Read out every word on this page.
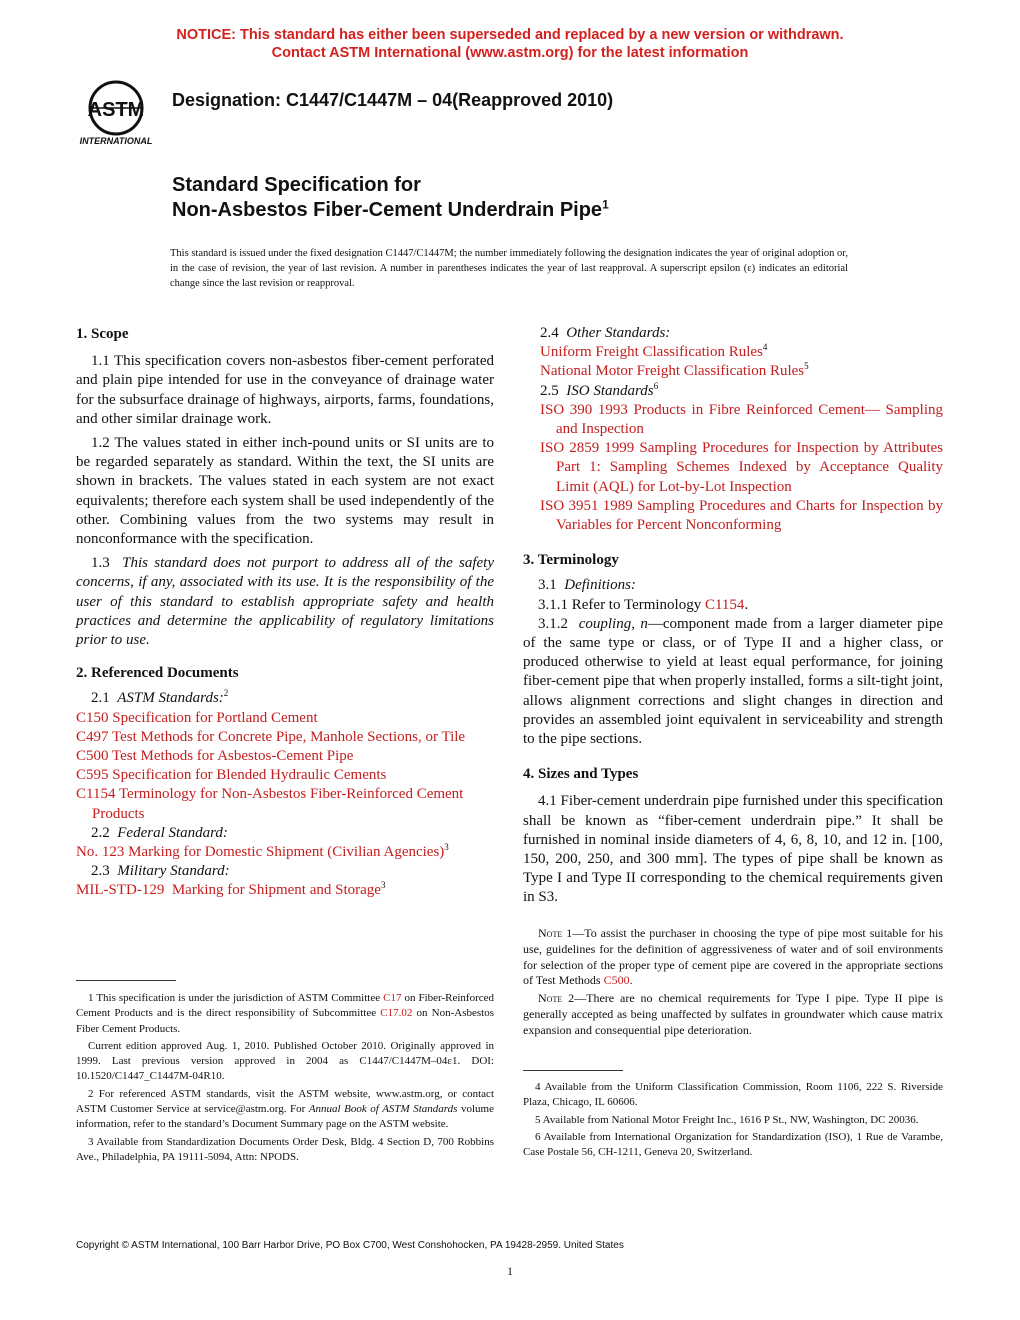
NOTICE: This standard has either been superseded and replaced by a new version or withdrawn.
Contact ASTM International (www.astm.org) for the latest information
ASTM
INTERNATIONAL
Designation: C1447/C1447M – 04(Reapproved 2010)
Standard Specification for
Non-Asbestos Fiber-Cement Underdrain Pipe$^1$
This standard is issued under the fixed designation C1447/C1447M; the number immediately following the designation indicates the year of original adoption or, in the case of revision, the year of last revision. A number in parentheses indicates the year of last reapproval. A superscript epsilon (ε) indicates an editorial change since the last revision or reapproval.
1. Scope

1.1 This specification covers non-asbestos fiber-cement perforated and plain pipe intended for use in the conveyance of drainage water for the subsurface drainage of highways, airports, farms, foundations, and other similar drainage work.

1.2 The values stated in either inch-pound units or SI units are to be regarded separately as standard. Within the text, the SI units are shown in brackets. The values stated in each system are not exact equivalents; therefore each system shall be used independently of the other. Combining values from the two systems may result in nonconformance with the specification.

1.3 This standard does not purport to address all of the safety concerns, if any, associated with its use. It is the responsibility of the user of this standard to establish appropriate safety and health practices and determine the applicability of regulatory limitations prior to use.

2. Referenced Documents

2.1 ASTM Standards:$^2$

C150 Specification for Portland Cement

C497 Test Methods for Concrete Pipe, Manhole Sections, or Tile

C500 Test Methods for Asbestos-Cement Pipe

C595 Specification for Blended Hydraulic Cements

C1154 Terminology for Non-Asbestos Fiber-Reinforced Cement Products

2.2 Federal Standard:

No. 123 Marking for Domestic Shipment (Civilian Agencies)$^3$

2.3 Military Standard:

MIL-STD-129 Marking for Shipment and Storage$^3$

1 This specification is under the jurisdiction of ASTM Committee C17 on Fiber-Reinforced Cement Products and is the direct responsibility of Subcommittee C17.02 on Non-Asbestos Fiber Cement Products.

Current edition approved Aug. 1, 2010. Published October 2010. Originally approved in 1999. Last previous version approved in 2004 as C1447/C1447M–04ε1. DOI: 10.1520/C1447_C1447M-04R10.

2 For referenced ASTM standards, visit the ASTM website, www.astm.org, or contact ASTM Customer Service at service@astm.org. For Annual Book of ASTM Standards volume information, refer to the standard’s Document Summary page on the ASTM website.

3 Available from Standardization Documents Order Desk, Bldg. 4 Section D, 700 Robbins Ave., Philadelphia, PA 19111-5094, Attn: NPODS.

2.4 Other Standards:

Uniform Freight Classification Rules$^4$

National Motor Freight Classification Rules$^5$

2.5 ISO Standards$^6$

ISO 390 1993 Products in Fibre Reinforced Cement— Sampling and Inspection

ISO 2859 1999 Sampling Procedures for Inspection by Attributes Part 1: Sampling Schemes Indexed by Acceptance Quality Limit (AQL) for Lot-by-Lot Inspection

ISO 3951 1989 Sampling Procedures and Charts for Inspection by Variables for Percent Nonconforming

3. Terminology

3.1 Definitions:

3.1.1 Refer to Terminology C1154.

3.1.2 coupling, n—component made from a larger diameter pipe of the same type or class, or of Type II and a higher class, or produced otherwise to yield at least equal performance, for joining fiber-cement pipe that when properly installed, forms a silt-tight joint, allows alignment corrections and slight changes in direction and provides an assembled joint equivalent in serviceability and strength to the pipe sections.

4. Sizes and Types

4.1 Fiber-cement underdrain pipe furnished under this specification shall be known as “fiber-cement underdrain pipe.” It shall be furnished in nominal inside diameters of 4, 6, 8, 10, and 12 in. [100, 150, 200, 250, and 300 mm]. The types of pipe shall be known as Type I and Type II corresponding to the chemical requirements given in S3.

Note 1—To assist the purchaser in choosing the type of pipe most suitable for his use, guidelines for the definition of aggressiveness of water and of soil environments for selection of the proper type of cement pipe are covered in the appropriate sections of Test Methods C500.

Note 2—There are no chemical requirements for Type I pipe. Type II pipe is generally accepted as being unaffected by sulfates in groundwater which cause matrix expansion and consequential pipe deterioration.

4 Available from the Uniform Classification Commission, Room 1106, 222 S. Riverside Plaza, Chicago, IL 60606.

5 Available from National Motor Freight Inc., 1616 P St., NW, Washington, DC 20036.

6 Available from International Organization for Standardization (ISO), 1 Rue de Varambe, Case Postale 56, CH-1211, Geneva 20, Switzerland.

Copyright © ASTM International, 100 Barr Harbor Drive, PO Box C700, West Conshohocken, PA 19428-2959. United States
1
